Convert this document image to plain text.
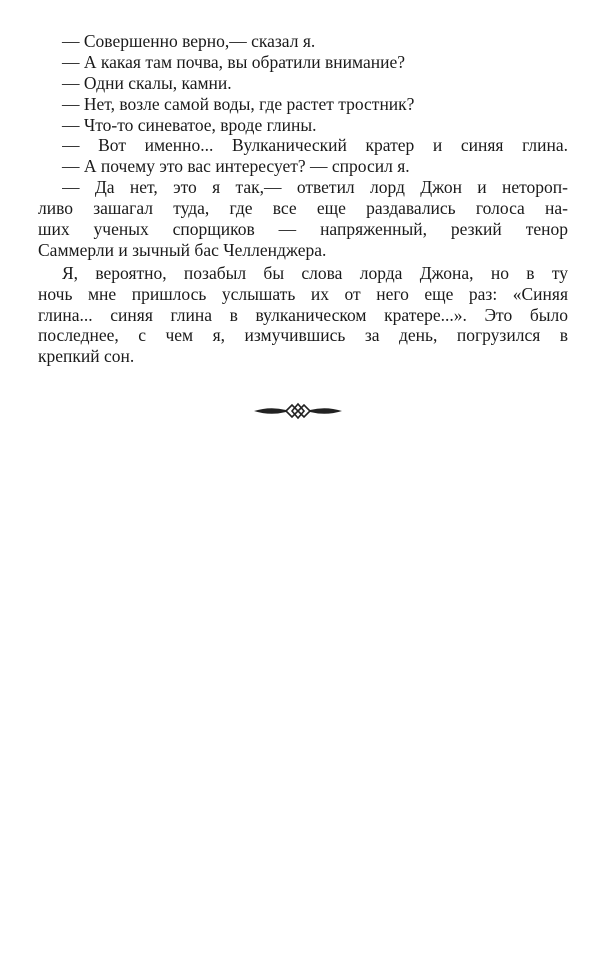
— Совершенно верно,— сказал я.
— А какая там почва, вы обратили внимание?
— Одни скалы, камни.
— Нет, возле самой воды, где растет тростник?
— Что-то синеватое, вроде глины.
— Вот именно... Вулканический кратер и синяя глина.
— А почему это вас интересует? — спросил я.
— Да нет, это я так,— ответил лорд Джон и нетороп-
ливо зашагал туда, где все еще раздавались голоса на-
ших ученых спорщиков — напряженный, резкий тенор
Саммерли и зычный бас Челленджера.
Я, вероятно, позабыл бы слова лорда Джона, но в ту
ночь мне пришлось услышать их от него еще раз: «Синяя
глина... синяя глина в вулканическом кратере...». Это было
последнее, с чем я, измучившись за день, погрузился в
крепкий сон.
